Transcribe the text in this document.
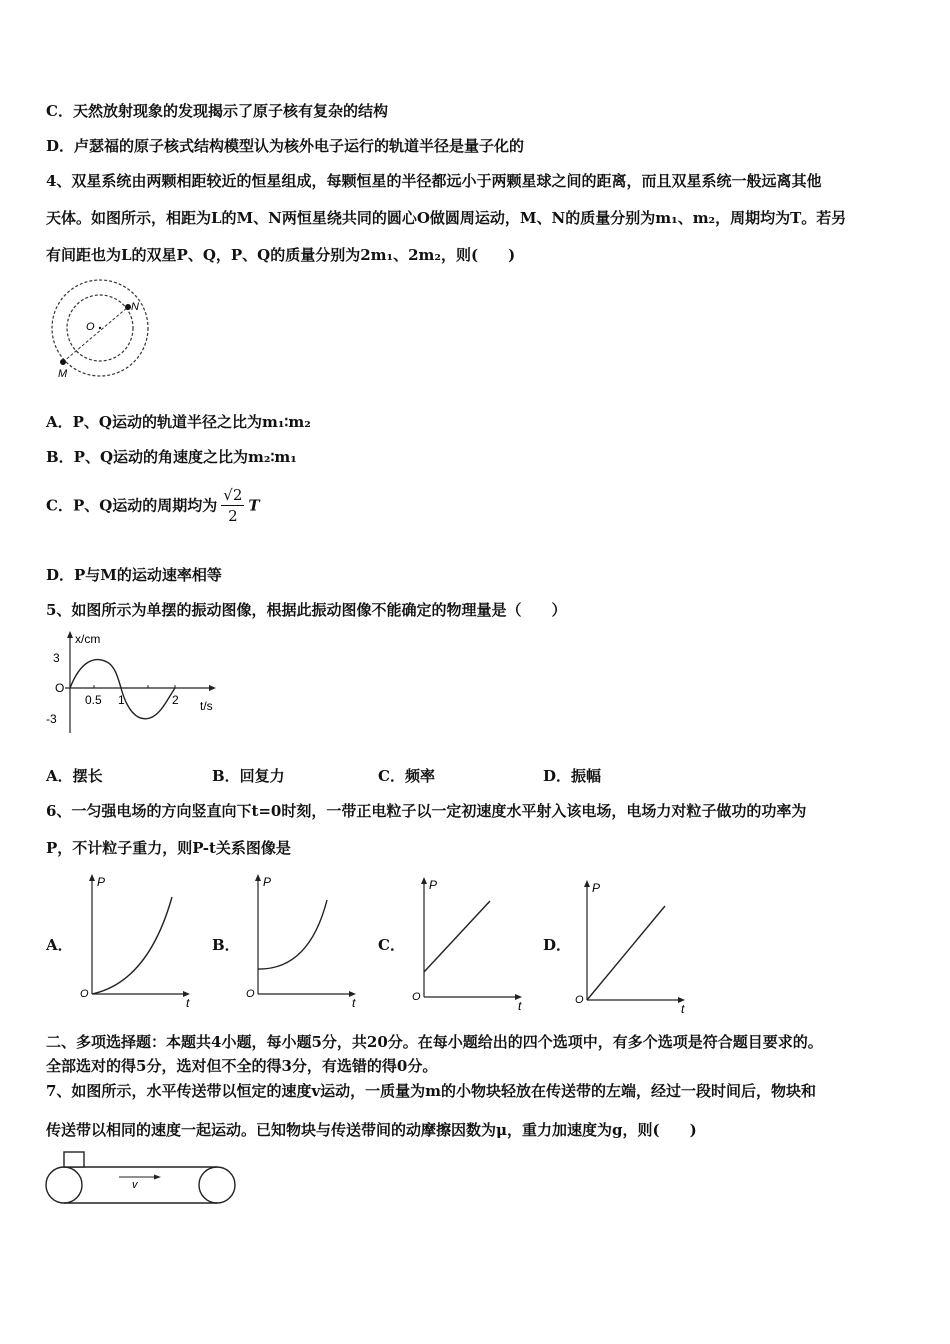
C．天然放射现象的发现揭示了原子核有复杂的结构
D．卢瑟福的原子核式结构模型认为核外电子运行的轨道半径是量子化的
4、双星系统由两颗相距较近的恒星组成，每颗恒星的半径都远小于两颗星球之间的距离，而且双星系统一般远离其他
天体。如图所示，相距为L的M、N两恒星绕共同的圆心O做圆周运动，M、N的质量分别为m₁、m₂，周期均为T。若另
有间距也为L的双星P、Q，P、Q的质量分别为2m₁、2m₂，则(　　)
O
N
M
A．P、Q运动的轨道半径之比为m₁∶m₂
B．P、Q运动的角速度之比为m₂∶m₁
C．P、Q运动的周期均为 $\frac{√2}{2}$ T
D．P与M的运动速率相等
5、如图所示为单摆的振动图像，根据此振动图像不能确定的物理量是（　　）
x/cm
3
O
-3
0.5 1	2 t/s
A．摆长	B．回复力	C．频率	D．振幅
6、一匀强电场的方向竖直向下t=0时刻，一带正电粒子以一定初速度水平射入该电场，电场力对粒子做功的功率为
P，不计粒子重力，则P-t关系图像是
A．
P
O
t
B．
P
O
t
C．
P
O
t
D．
P
O
t
二、多项选择题：本题共4小题，每小题5分，共20分。在每小题给出的四个选项中，有多个选项是符合题目要求的。
全部选对的得5分，选对但不全的得3分，有选错的得0分。
7、如图所示，水平传送带以恒定的速度v运动，一质量为m的小物块轻放在传送带的左端，经过一段时间后，物块和
传送带以相同的速度一起运动。已知物块与传送带间的动摩擦因数为μ，重力加速度为g，则(　　)
v
